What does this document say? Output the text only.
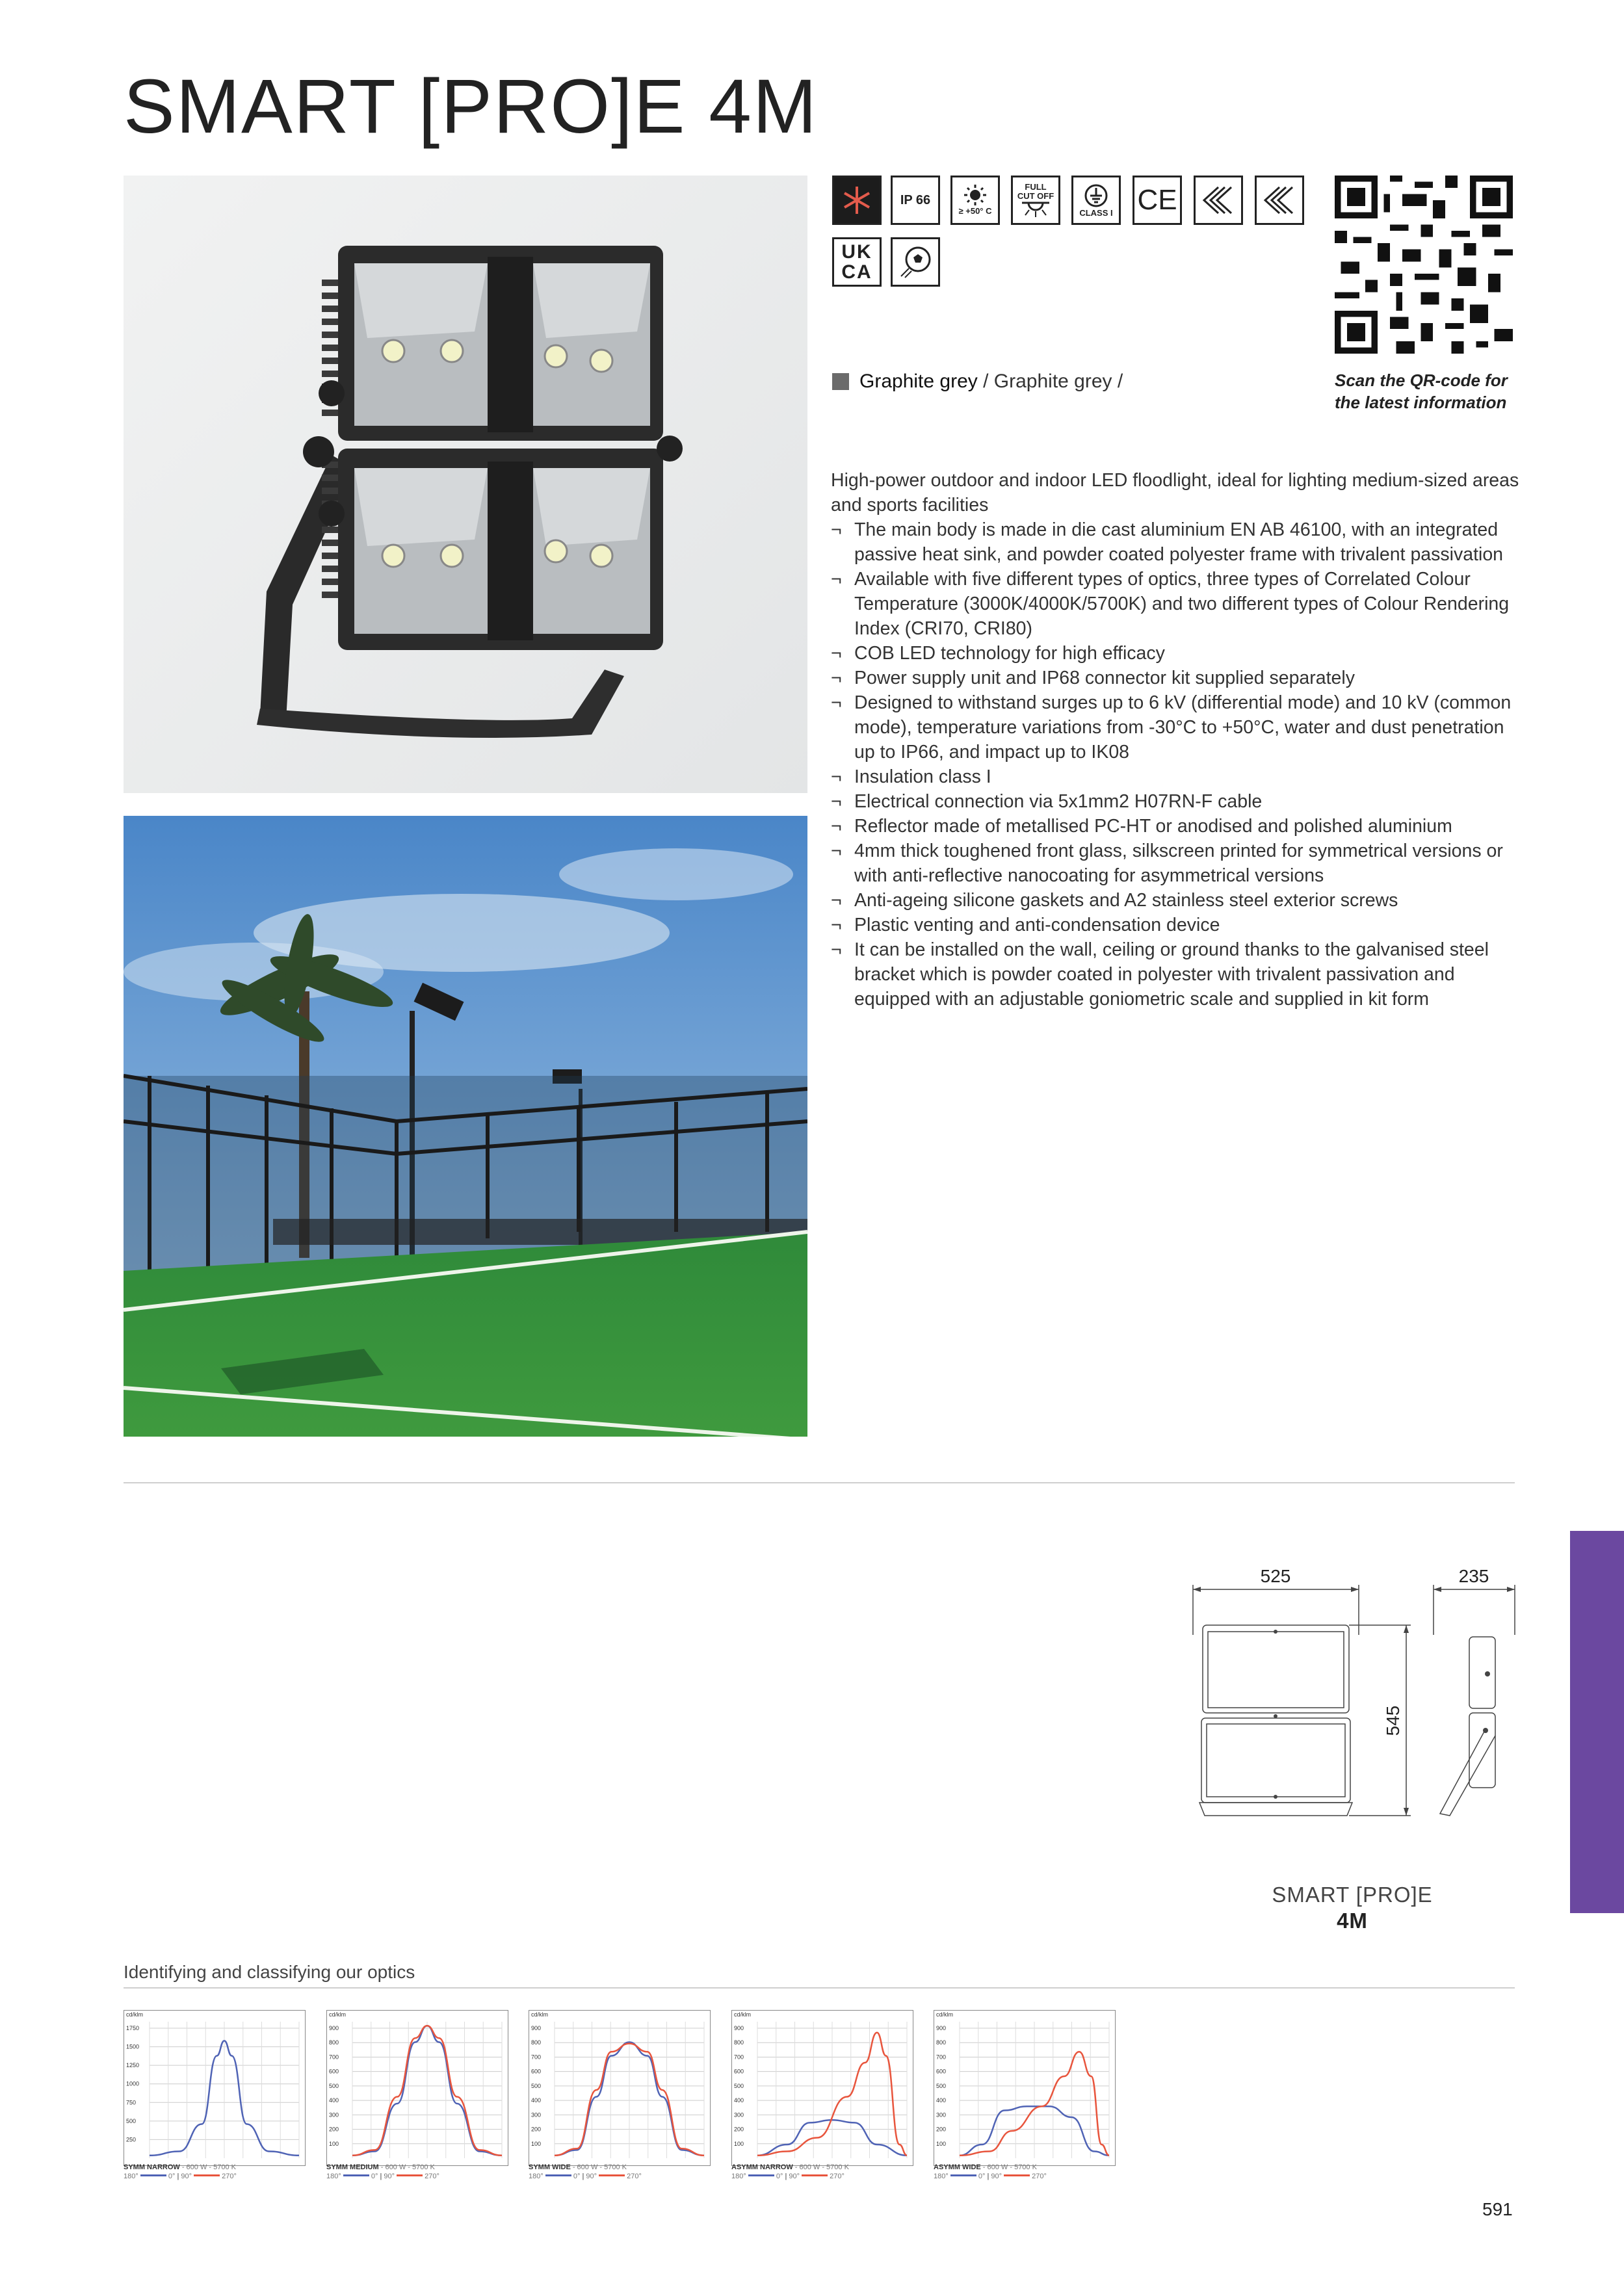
SMART [PRO]E 4M
IP 66
≥ +50° C
FULL CUT OFF
CLASS I CE
UK CA
Scan the QR-code for
the latest information
Graphite grey / Graphite grey /

High-power outdoor and indoor LED floodlight, ideal for lighting medium-sized areas and sports facilities

¬ The main body is made in die cast aluminium EN AB 46100, with an integrated passive heat sink, and powder coated polyester frame with trivalent passivation
¬ Available with five different types of optics, three types of Correlated Colour Temperature (3000K/4000K/5700K) and two different types of Colour Rendering Index (CRI70, CRI80)
¬ COB LED technology for high efficacy
¬ Power supply unit and IP68 connector kit supplied separately
¬ Designed to withstand surges up to 6 kV (differential mode) and 10 kV (common mode), temperature variations from -30°C to +50°C, water and dust penetration up to IP66, and impact up to IK08
¬ Insulation class I
¬ Electrical connection via 5x1mm2 H07RN-F cable
¬ Reflector made of metallised PC-HT or anodised and polished aluminium
¬ 4mm thick toughened front glass, silkscreen printed for symmetrical versions or with anti-reflective nanocoating for asymmetrical versions
¬ Anti-ageing silicone gaskets and A2 stainless steel exterior screws
¬ Plastic venting and anti-condensation device
¬ It can be installed on the wall, ceiling or ground thanks to the galvanised steel bracket which is powder coated in polyester with trivalent passivation and equipped with an adjustable goniometric scale and supplied in kit form
525	235
545
SMART [PRO]E
4M
Identifying and classifying our optics
cd/klm
1750
1500
1250
1000
750
500
250
SYMM NARROW - 600 W - 5700 K
180°	0° | 90°	270°
cd/klm
900
800
700
600
500
400
300
200
100
SYMM MEDIUM - 600 W - 5700 K
180°	0° | 90°	270°
cd/klm
900
800
700
600
500
400
300
200
100
SYMM WIDE - 600 W - 5700 K
180°	0° | 90°	270°
cd/klm
900
800
700
600
500
400
300
200
100
ASYMM NARROW - 600 W - 5700 K
180°	0° | 90°	270°
cd/klm
900
800
700
600
500
400
300
200
100
ASYMM WIDE - 600 W - 5700 K
180°	0° | 90°	270°
591
